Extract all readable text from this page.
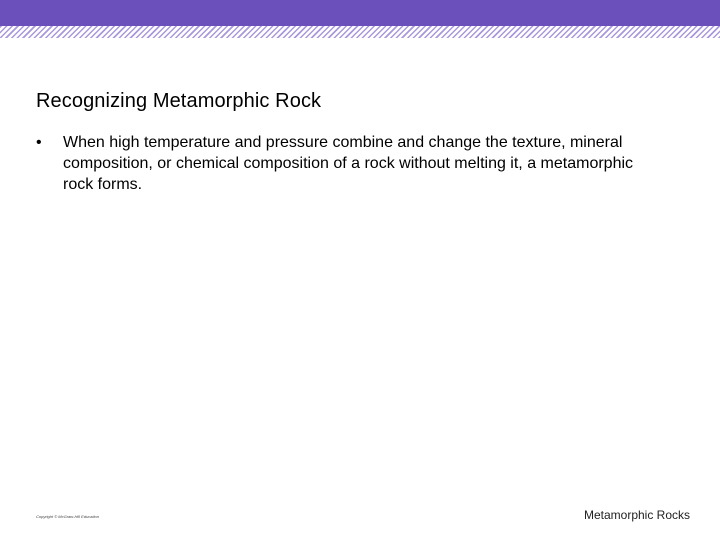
Recognizing Metamorphic Rock
•	When high temperature and pressure combine and change the texture, mineral composition, or chemical composition of a rock without melting it, a metamorphic rock forms.
Copyright © McGraw-Hill Education	Metamorphic Rocks
